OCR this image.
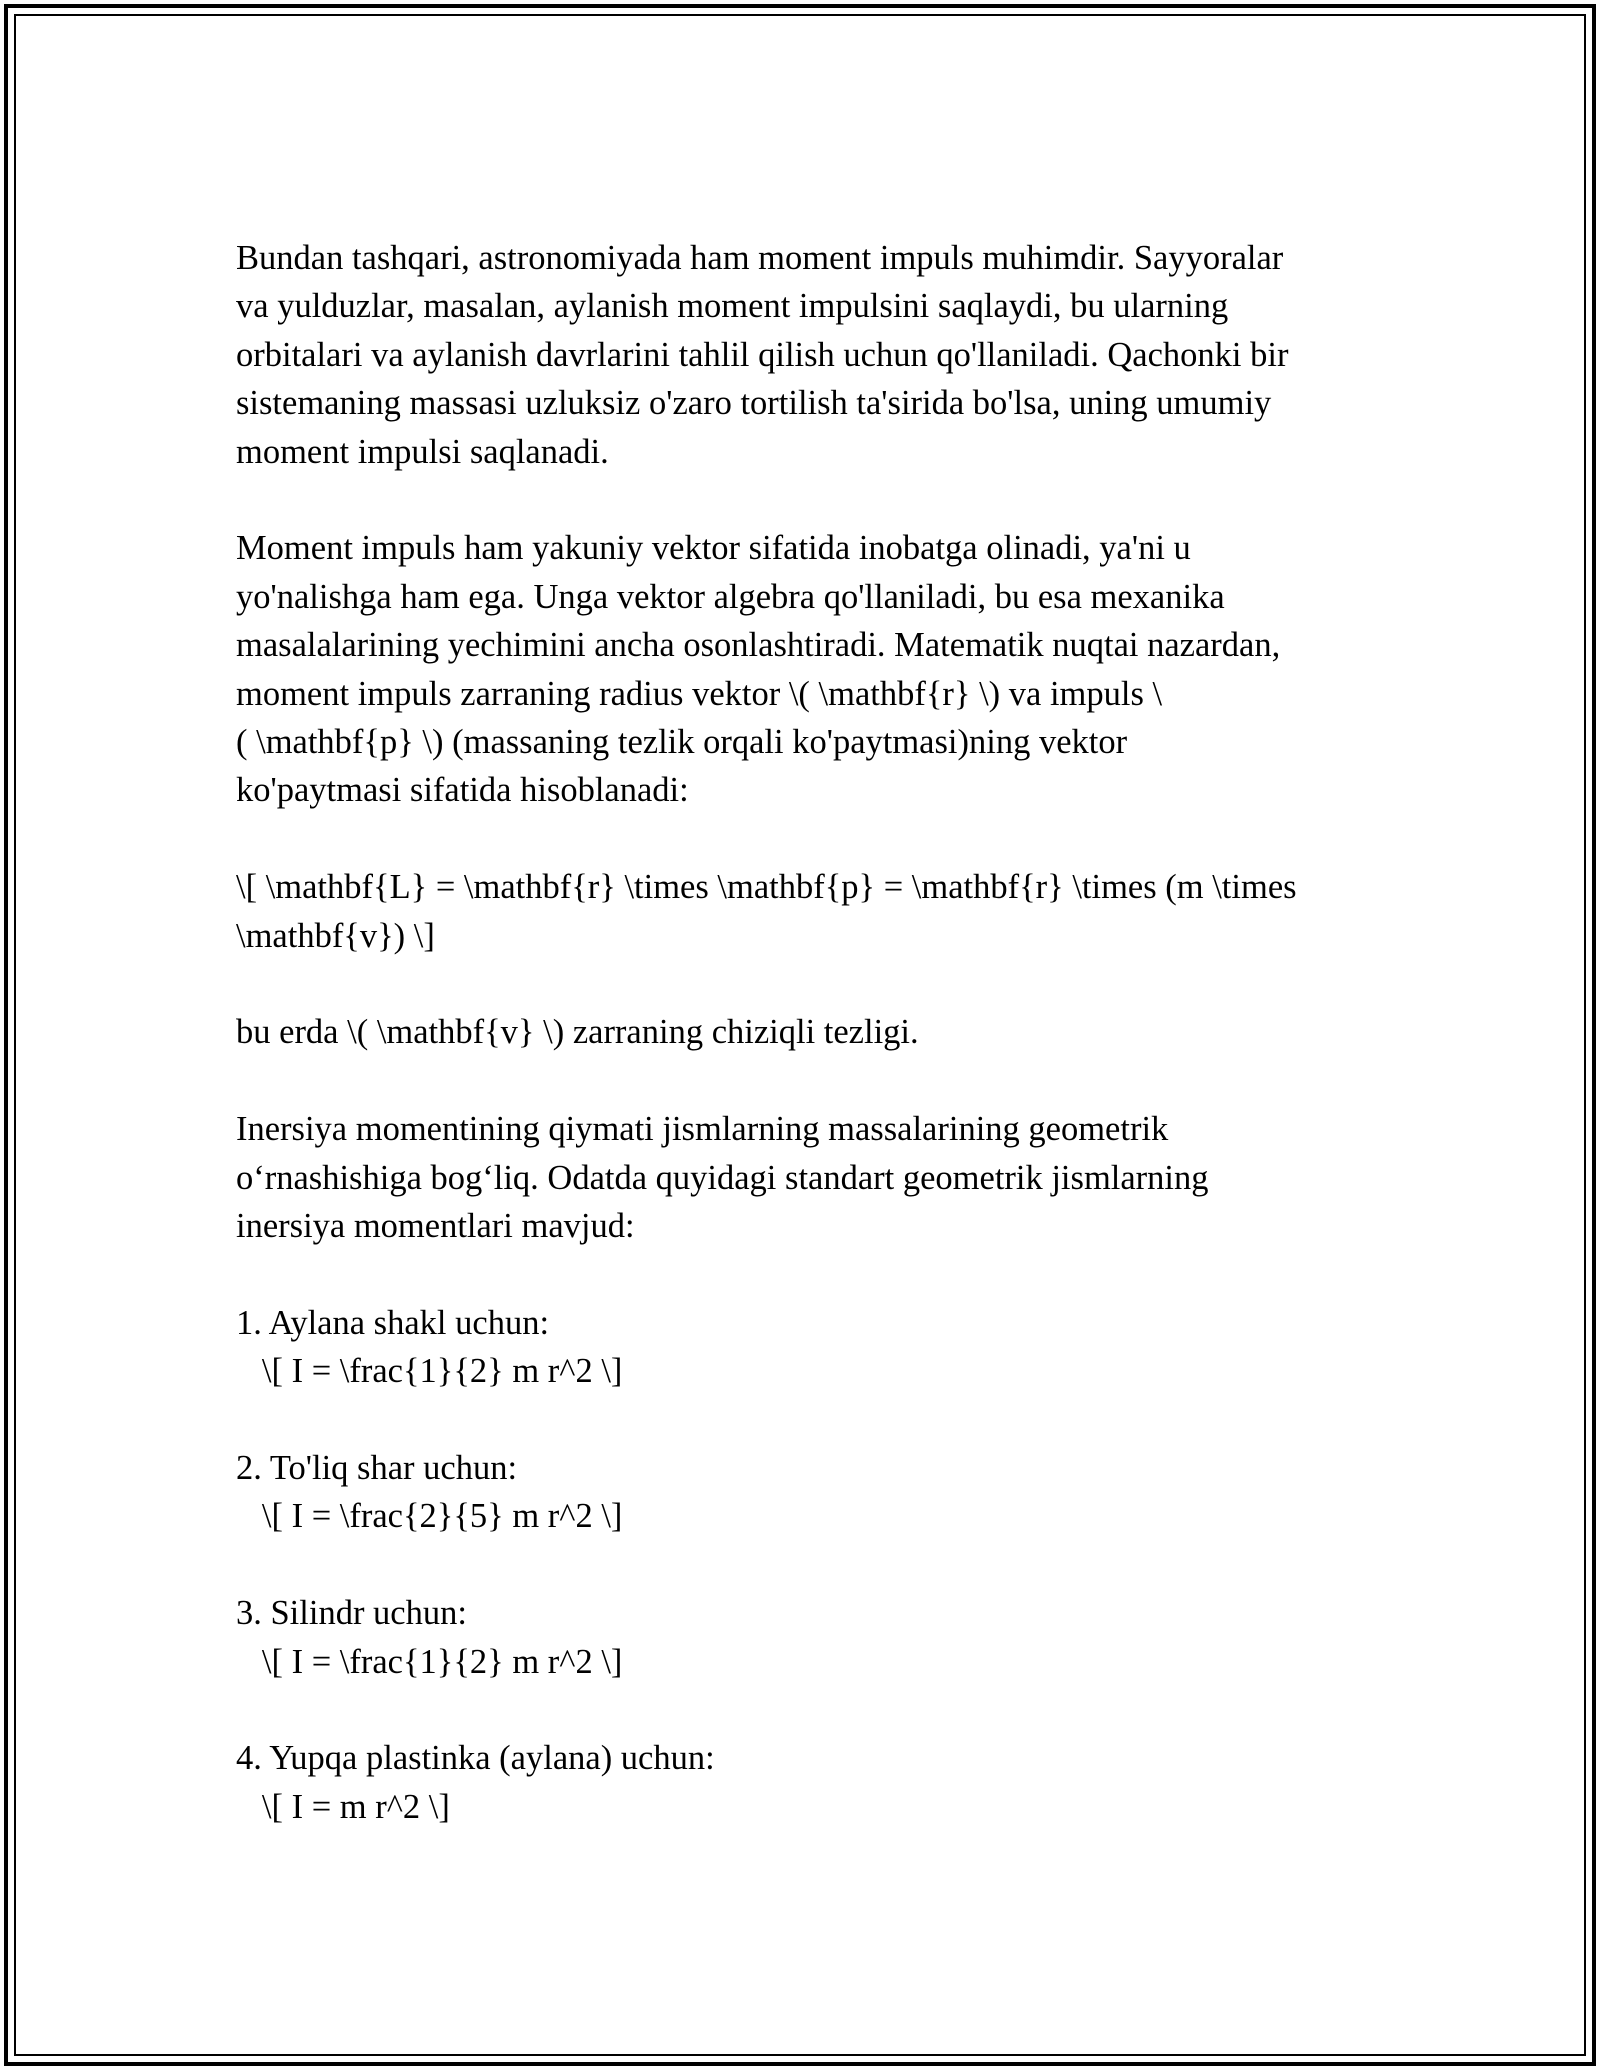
Bundan tashqari, astronomiyada ham moment impuls muhimdir. Sayyoralar
va yulduzlar, masalan, aylanish moment impulsini saqlaydi, bu ularning
orbitalari va aylanish davrlarini tahlil qilish uchun qo'llaniladi. Qachonki bir
sistemaning massasi uzluksiz o'zaro tortilish ta'sirida bo'lsa, uning umumiy
moment impulsi saqlanadi.

Moment impuls ham yakuniy vektor sifatida inobatga olinadi, ya'ni u
yo'nalishga ham ega. Unga vektor algebra qo'llaniladi, bu esa mexanika
masalalarining yechimini ancha osonlashtiradi. Matematik nuqtai nazardan,
moment impuls zarraning radius vektor \( \mathbf{r} \) va impuls \
( \mathbf{p} \) (massaning tezlik orqali ko'paytmasi)ning vektor
ko'paytmasi sifatida hisoblanadi:

\[ \mathbf{L} = \mathbf{r} \times \mathbf{p} = \mathbf{r} \times (m \times
\mathbf{v}) \]

bu erda \( \mathbf{v} \) zarraning chiziqli tezligi.

Inersiya momentining qiymati jismlarning massalarining geometrik
o‘rnashishiga bog‘liq. Odatda quyidagi standart geometrik jismlarning
inersiya momentlari mavjud:

1. Aylana shakl uchun:
\[ I = \frac{1}{2} m r^2 \]

2. To'liq shar uchun:
\[ I = \frac{2}{5} m r^2 \]

3. Silindr uchun:
\[ I = \frac{1}{2} m r^2 \]

4. Yupqa plastinka (aylana) uchun:
\[ I = m r^2 \]
